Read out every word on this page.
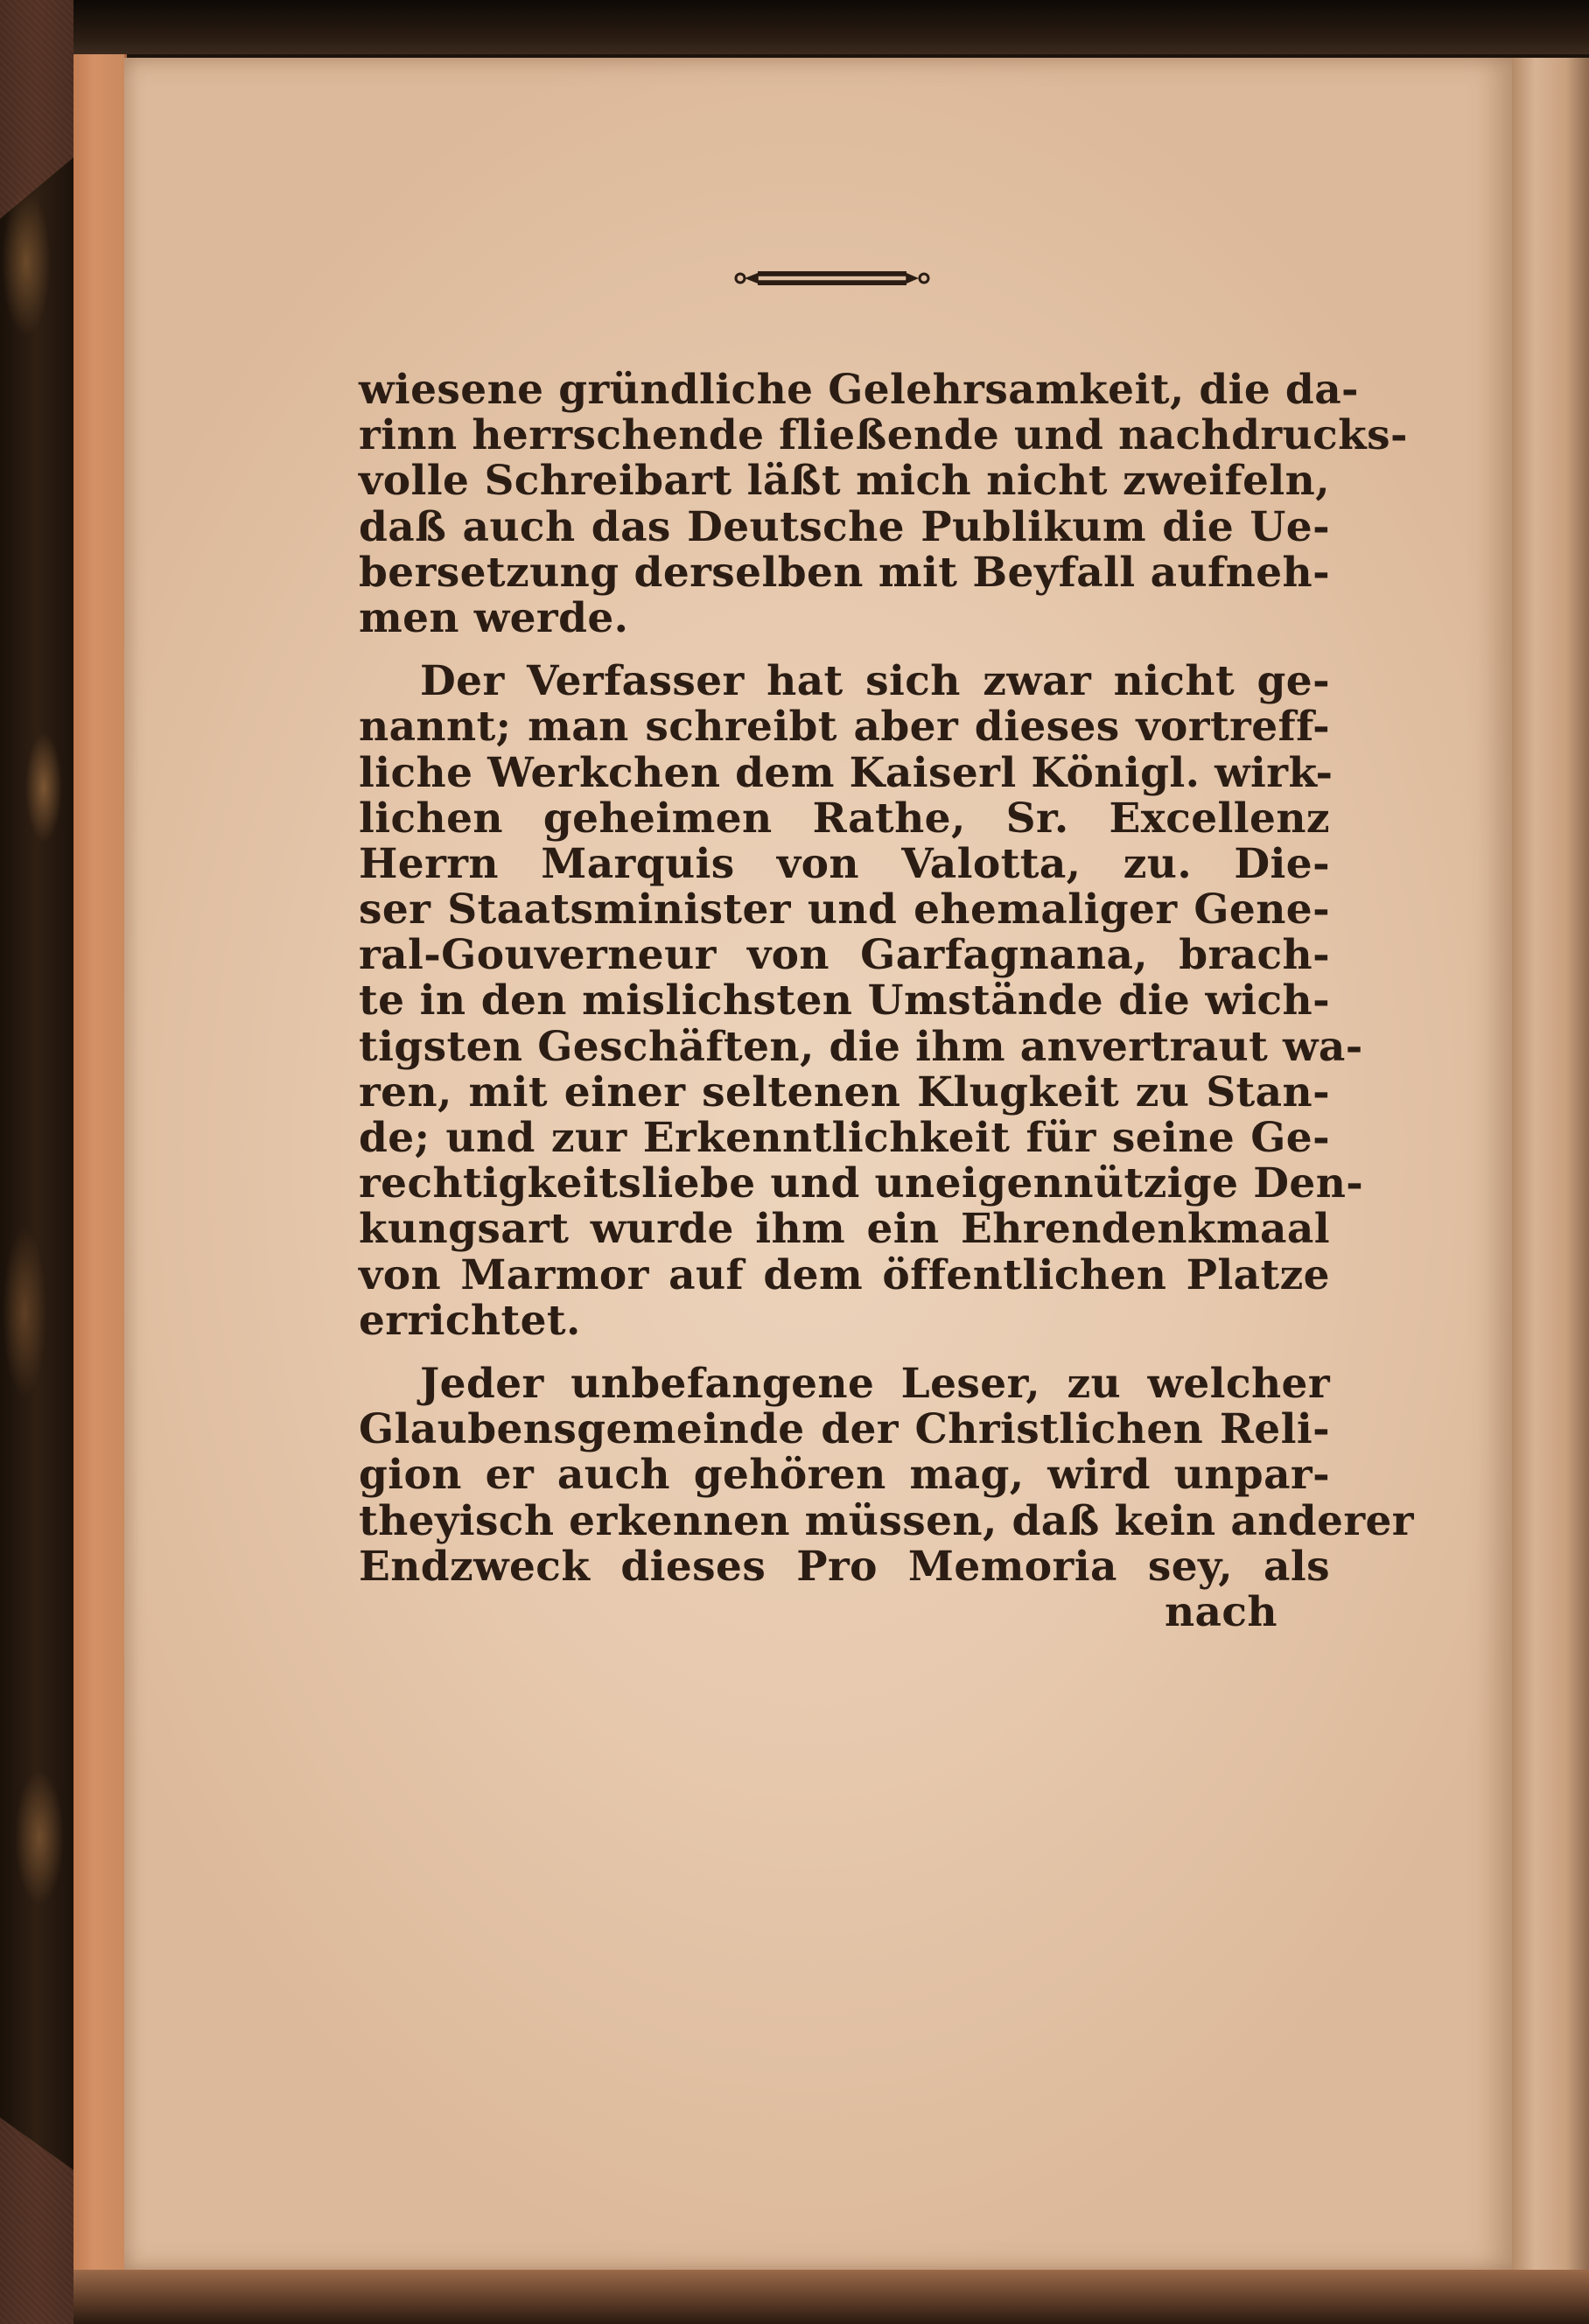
wiesene gründliche Gelehrsamkeit, die da-
rinn herrschende fließende und nachdrucks-
volle Schreibart läßt mich nicht zweifeln,
daß auch das Deutsche Publikum die Ue-
bersetzung derselben mit Beyfall aufneh-
men werde.
Der Verfasser hat sich zwar nicht ge-
nannt; man schreibt aber dieses vortreff-
liche Werkchen dem Kaiserl Königl. wirk-
lichen geheimen Rathe, Sr. Excellenz
Herrn Marquis von Valotta, zu. Die-
ser Staatsminister und ehemaliger Gene-
ral-Gouverneur von Garfagnana, brach-
te in den mislichsten Umstände die wich-
tigsten Geschäften, die ihm anvertraut wa-
ren, mit einer seltenen Klugkeit zu Stan-
de; und zur Erkenntlichkeit für seine Ge-
rechtigkeitsliebe und uneigennützige Den-
kungsart wurde ihm ein Ehrendenkmaal
von Marmor auf dem öffentlichen Platze
errichtet.
Jeder unbefangene Leser, zu welcher
Glaubensgemeinde der Christlichen Reli-
gion er auch gehören mag, wird unpar-
theyisch erkennen müssen, daß kein anderer
Endzweck dieses Pro Memoria sey, als
nach
